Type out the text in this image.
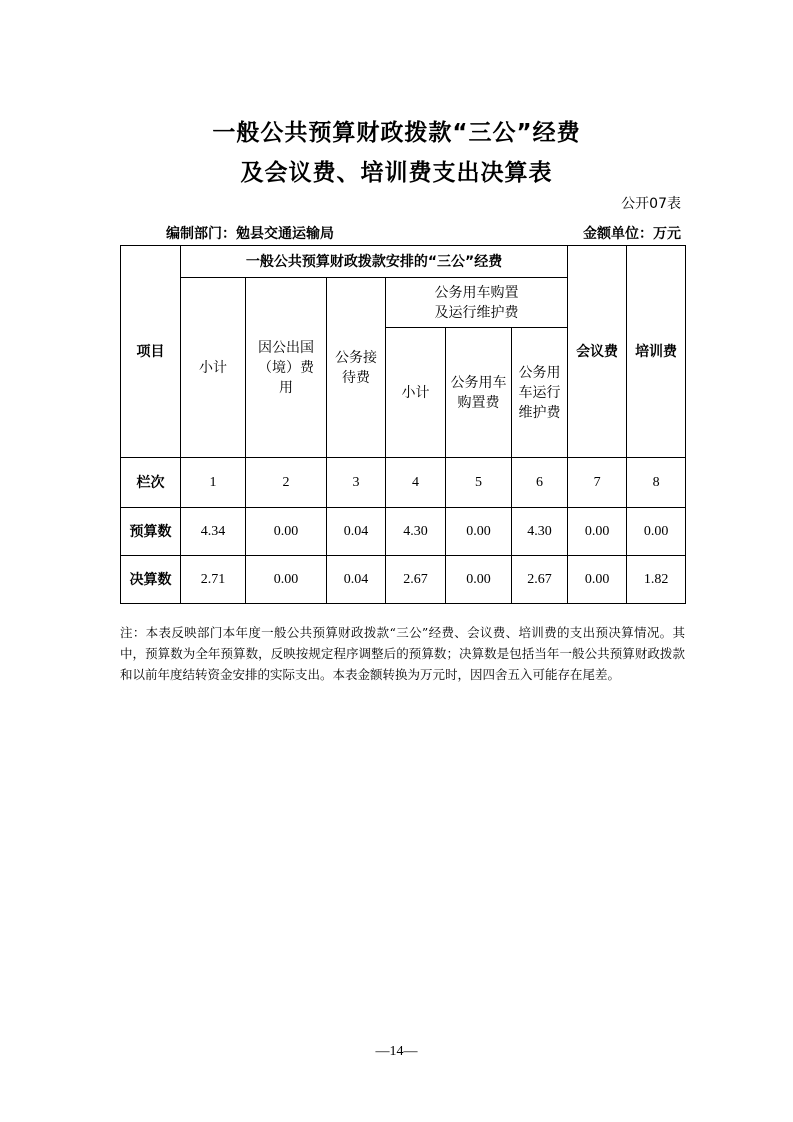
一般公共预算财政拨款“三公”经费
及会议费、培训费支出决算表
公开07表
编制部门：勉县交通运输局	金额单位：万元
项目	一般公共预算财政拨款安排的“三公”经费						会议费	培训费
	小计	因公出国（境）费用	公务接待费	公务用车购置及运行维护费				
				小计	公务用车购置费	公务用车运行维护费		
栏次	1	2	3	4	5	6	7	8
预算数	4.34	0.00	0.04	4.30	0.00	4.30	0.00	0.00
决算数	2.71	0.00	0.04	2.67	0.00	2.67	0.00	1.82
注：本表反映部门本年度一般公共预算财政拨款“三公”经费、会议费、培训费的支出预决算情况。其中，预算数为全年预算数，反映按规定程序调整后的预算数；决算数是包括当年一般公共预算财政拨款和以前年度结转资金安排的实际支出。本表金额转换为万元时，因四舍五入可能存在尾差。
—14—
